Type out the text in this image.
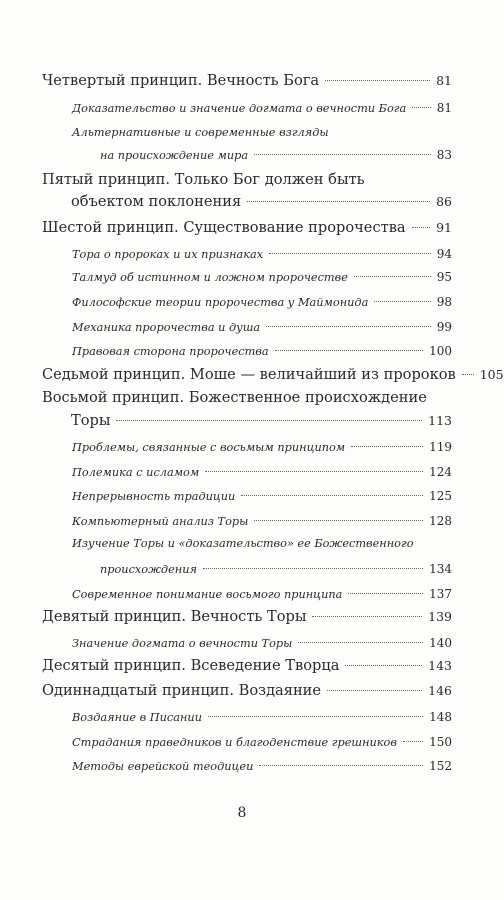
Четвертый принцип. Вечность Бога	81
Доказательство и значение догмата о вечности Бога	81
Альтернативные и современные взгляды
на происхождение мира	83
Пятый принцип. Только Бог должен быть
объектом поклонения	86
Шестой принцип. Существование пророчества 91
Тора о пророках и их признаках	94
Талмуд об истинном и ложном пророчестве	95
Философские теории пророчества у Маймонида	98
Механика пророчества и душа	99
Правовая сторона пророчества	100
Седьмой принцип. Моше — величайший из пророков 105
Восьмой принцип. Божественное происхождение
Торы	113
Проблемы, связанные с восьмым принципом	119
Полемика с исламом	124
Непрерывность традиции	125
Компьютерный анализ Торы	128
Изучение Торы и «доказательство» ее Божественного
происхождения	134
Современное понимание восьмого принципа	137
Девятый принцип. Вечность Торы	139
Значение догмата о вечности Торы	140
Десятый принцип. Всеведение Творца	143
Одиннадцатый принцип. Воздаяние	146
Воздаяние в Писании	148
Страдания праведников и благоденствие грешников	150
Методы еврейской теодицеи	152
8
